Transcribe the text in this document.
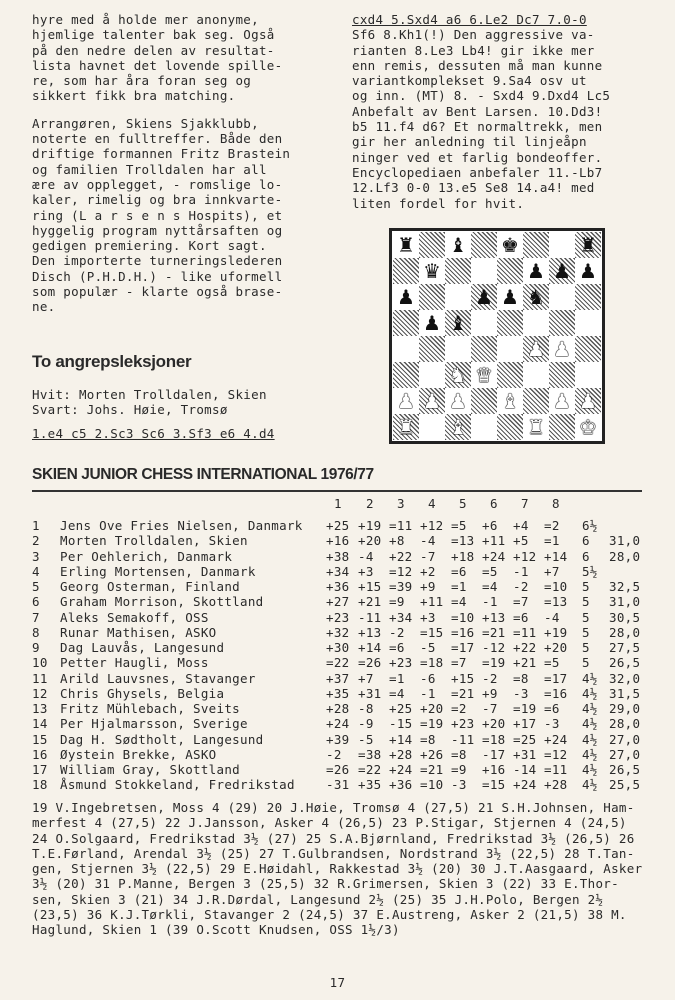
hyre med å holde mer anonyme,
hjemlige talenter bak seg. Også
på den nedre delen av resultat-
lista havnet det lovende spille-
re, som har åra foran seg og
sikkert fikk bra matching.
Arrangøren, Skiens Sjakklubb,
noterte en fulltreffer. Både den
driftige formannen Fritz Brastein
og familien Trolldalen har all
ære av opplegget, - romslige lo-
kaler, rimelig og bra innkvarte-
ring (L a r s e n s Hospits), et
hyggelig program nyttårsaften og
gedigen premiering. Kort sagt.
Den importerte turneringslederen
Disch (P.H.D.H.) - like uformell
som populær - klarte også brase-
ne.
cxd4 5.Sxd4 a6 6.Le2 Dc7 7.0-0
Sf6 8.Kh1(!) Den aggressive va-
rianten 8.Le3 Lb4! gir ikke mer
enn remis, dessuten må man kunne
variantkomplekset 9.Sa4 osv ut
og inn. (MT) 8. - Sxd4 9.Dxd4 Lc5
Anbefalt av Bent Larsen. 10.Dd3!
b5 11.f4 d6? Et normaltrekk, men
gir her anledning til linjeåpn
ninger ved et farlig bondeoffer.
Encyclopediaen anbefaler 11.-Lb7
12.Lf3 0-0 13.e5 Se8 14.a4! med
liten fordel for hvit.
To angrepsleksjoner
Hvit: Morten Trolldalen, Skien
Svart: Johs. Høie, Tromsø
1.e4 c5 2.Sc3 Sc6 3.Sf3 e6 4.d4
♜ ♝ ♚	♜
♛	♟ ♟ ♟
♟	♟ ♟ ♞
♟ ♝
♟ ♟
♞ ♛
♟ ♟ ♟ ♝ ♟ ♟
♜ ♝	♜ ♚
SKIEN JUNIOR CHESS INTERNATIONAL 1976/77
1 2 3 4 5 6 7 8
1 Jens Ove Fries Nielsen, Danmark +25 +19 =11 +12 =5 +6 +4 =2 6½
2 Morten Trolldalen, Skien	+16 +20 +8 -4 =13 +11 +5 =1 6 31,0
3 Per Oehlerich, Danmark	+38 -4 +22 -7 +18 +24 +12 +14 6 28,0
4 Erling Mortensen, Danmark	+34 +3 =12 +2 =6 =5 -1 +7 5½
5 Georg Osterman, Finland	+36 +15 =39 +9 =1 =4 -2 =10 5 32,5
6 Graham Morrison, Skottland	+27 +21 =9 +11 =4 -1 =7 =13 5 31,0
7 Aleks Semakoff, OSS	+23 -11 +34 +3 =10 +13 =6 -4 5 30,5
8 Runar Mathisen, ASKO	+32 +13 -2 =15 =16 =21 =11 +19 5 28,0
9 Dag Lauvås, Langesund	+30 +14 =6 -5 =17 -12 +22 +20 5 27,5
10 Petter Haugli, Moss	=22 =26 +23 =18 =7 =19 +21 =5 5 26,5
11 Arild Lauvsnes, Stavanger	+37 +7 =1 -6 +15 -2 =8 =17 4½ 32,0
12 Chris Ghysels, Belgia	+35 +31 =4 -1 =21 +9 -3 =16 4½ 31,5
13 Fritz Mühlebach, Sveits	+28 -8 +25 +20 =2 -7 =19 =6 4½ 29,0
14 Per Hjalmarsson, Sverige	+24 -9 -15 =19 +23 +20 +17 -3 4½ 28,0
15 Dag H. Sødtholt, Langesund	+39 -5 +14 =8 -11 =18 =25 +24 4½ 27,0
16 Øystein Brekke, ASKO	-2 =38 +28 +26 =8 -17 +31 =12 4½ 27,0
17 William Gray, Skottland	=26 =22 +24 =21 =9 +16 -14 =11 4½ 26,5
18 Åsmund Stokkeland, Fredrikstad -31 +35 +36 =10 -3 =15 +24 +28 4½ 25,5
19 V.Ingebretsen, Moss 4 (29) 20 J.Høie, Tromsø 4 (27,5) 21 S.H.Johnsen, Ham-
merfest 4 (27,5) 22 J.Jansson, Asker 4 (26,5) 23 P.Stigar, Stjernen 4 (24,5)
24 O.Solgaard, Fredrikstad 3½ (27) 25 S.A.Bjørnland, Fredrikstad 3½ (26,5) 26
T.E.Førland, Arendal 3½ (25) 27 T.Gulbrandsen, Nordstrand 3½ (22,5) 28 T.Tan-
gen, Stjernen 3½ (22,5) 29 E.Høidahl, Rakkestad 3½ (20) 30 J.T.Aasgaard, Asker
3½ (20) 31 P.Manne, Bergen 3 (25,5) 32 R.Grimersen, Skien 3 (22) 33 E.Thor-
sen, Skien 3 (21) 34 J.R.Dørdal, Langesund 2½ (25) 35 J.H.Polo, Bergen 2½
(23,5) 36 K.J.Tørkli, Stavanger 2 (24,5) 37 E.Austreng, Asker 2 (21,5) 38 M.
Haglund, Skien 1 (39 O.Scott Knudsen, OSS 1½/3)
17
